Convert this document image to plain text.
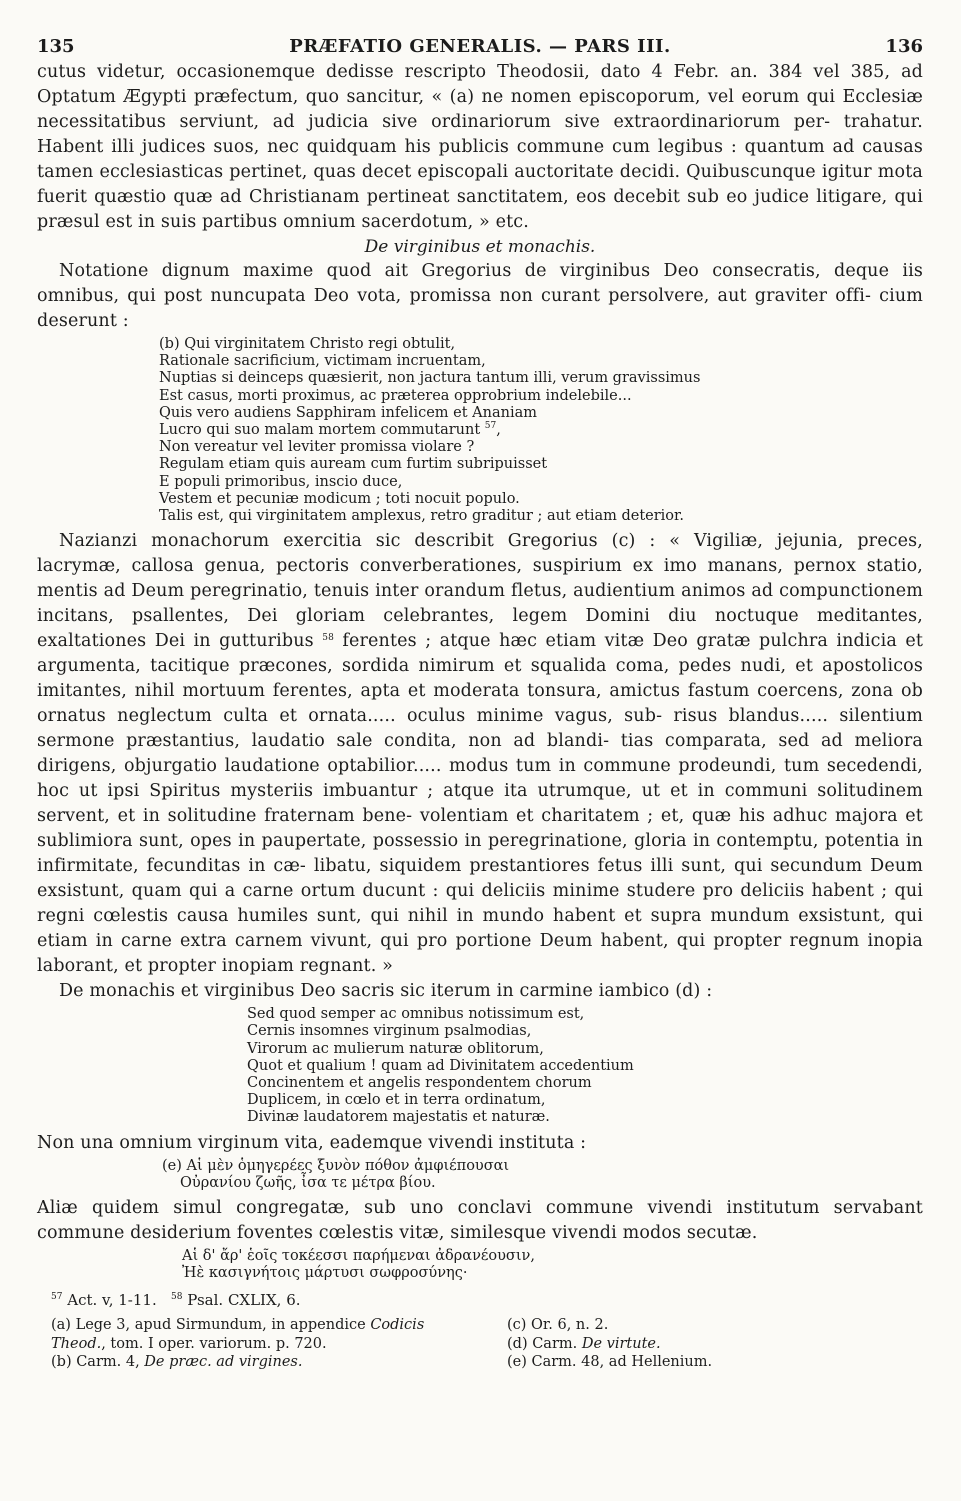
135	PRÆFATIO GENERALIS. — PARS III.	136
cutus videtur, occasionemque dedisse rescripto Theodosii, dato 4 Febr. an. 384 vel 385, ad Optatum Ægypti præfectum, quo sancitur, « (a) ne nomen episcoporum, vel eorum qui Ecclesiæ necessitatibus serviunt, ad judicia sive ordinariorum sive extraordinariorum per- trahatur. Habent illi judices suos, nec quidquam his publicis commune cum legibus : quantum ad causas tamen ecclesiasticas pertinet, quas decet episcopali auctoritate decidi. Quibuscunque igitur mota fuerit quæstio quæ ad Christianam pertineat sanctitatem, eos decebit sub eo judice litigare, qui præsul est in suis partibus omnium sacerdotum, » etc.
De virginibus et monachis.
Notatione dignum maxime quod ait Gregorius de virginibus Deo consecratis, deque iis omnibus, qui post nuncupata Deo vota, promissa non curant persolvere, aut graviter offi- cium deserunt :
(b) Qui virginitatem Christo regi obtulit,
Rationale sacrificium, victimam incruentam,
Nuptias si deinceps quæsierit, non jactura tantum illi, verum gravissimus
Est casus, morti proximus, ac præterea opprobrium indelebile...
Quis vero audiens Sapphiram infelicem et Ananiam
Lucro qui suo malam mortem commutarunt $^{57}$,
Non vereatur vel leviter promissa violare ?
Regulam etiam quis auream cum furtim subripuisset
E populi primoribus, inscio duce,
Vestem et pecuniæ modicum ; toti nocuit populo.
Talis est, qui virginitatem amplexus, retro graditur ; aut etiam deterior.
Nazianzi monachorum exercitia sic describit Gregorius (c) : « Vigiliæ, jejunia, preces, lacrymæ, callosa genua, pectoris converberationes, suspirium ex imo manans, pernox statio, mentis ad Deum peregrinatio, tenuis inter orandum fletus, audientium animos ad compunctionem incitans, psallentes, Dei gloriam celebrantes, legem Domini diu noctuque meditantes, exaltationes Dei in gutturibus $^{58}$ ferentes ; atque hæc etiam vitæ Deo gratæ pulchra indicia et argumenta, tacitique præcones, sordida nimirum et squalida coma, pedes nudi, et apostolicos imitantes, nihil mortuum ferentes, apta et moderata tonsura, amictus fastum coercens, zona ob ornatus neglectum culta et ornata..... oculus minime vagus, sub- risus blandus..... silentium sermone præstantius, laudatio sale condita, non ad blandi- tias comparata, sed ad meliora dirigens, objurgatio laudatione optabilior..... modus tum in commune prodeundi, tum secedendi, hoc ut ipsi Spiritus mysteriis imbuantur ; atque ita utrumque, ut et in communi solitudinem servent, et in solitudine fraternam bene- volentiam et charitatem ; et, quæ his adhuc majora et sublimiora sunt, opes in paupertate, possessio in peregrinatione, gloria in contemptu, potentia in infirmitate, fecunditas in cæ- libatu, siquidem prestantiores fetus illi sunt, qui secundum Deum exsistunt, quam qui a carne ortum ducunt : qui deliciis minime studere pro deliciis habent ; qui regni cœlestis causa humiles sunt, qui nihil in mundo habent et supra mundum exsistunt, qui etiam in carne extra carnem vivunt, qui pro portione Deum habent, qui propter regnum inopia laborant, et propter inopiam regnant. »
De monachis et virginibus Deo sacris sic iterum in carmine iambico (d) :
Sed quod semper ac omnibus notissimum est,
Cernis insomnes virginum psalmodias,
Virorum ac mulierum naturæ oblitorum,
Quot et qualium ! quam ad Divinitatem accedentium
Concinentem et angelis respondentem chorum
Duplicem, in cœlo et in terra ordinatum,
Divinæ laudatorem majestatis et naturæ.
Non una omnium virginum vita, eademque vivendi instituta :
(e) Αἱ μὲν ὁμηγερέες ξυνὸν πόθον ἀμφιέπουσαι
Οὐρανίου ζωῆς, ἶσα τε μέτρα βίου.
Aliæ quidem simul congregatæ, sub uno conclavi commune vivendi institutum servabant commune desiderium foventes cœlestis vitæ, similesque vivendi modos secutæ.
Αἱ δ' ἄρ' ἑοῖς τοκέεσσι παρήμεναι ἀδρανέουσιν,
Ἠὲ κασιγνήτοις μάρτυσι σωφροσύνης·
$^{57}$ Act. v, 1-11. $^{58}$ Psal. CXLIX, 6.
(a) Lege 3, apud Sirmundum, in appendice Codicis
Theod., tom. I oper. variorum. p. 720.
(b) Carm. 4, De præc. ad virgines.
(c) Or. 6, n. 2.
(d) Carm. De virtute.
(e) Carm. 48, ad Hellenium.
